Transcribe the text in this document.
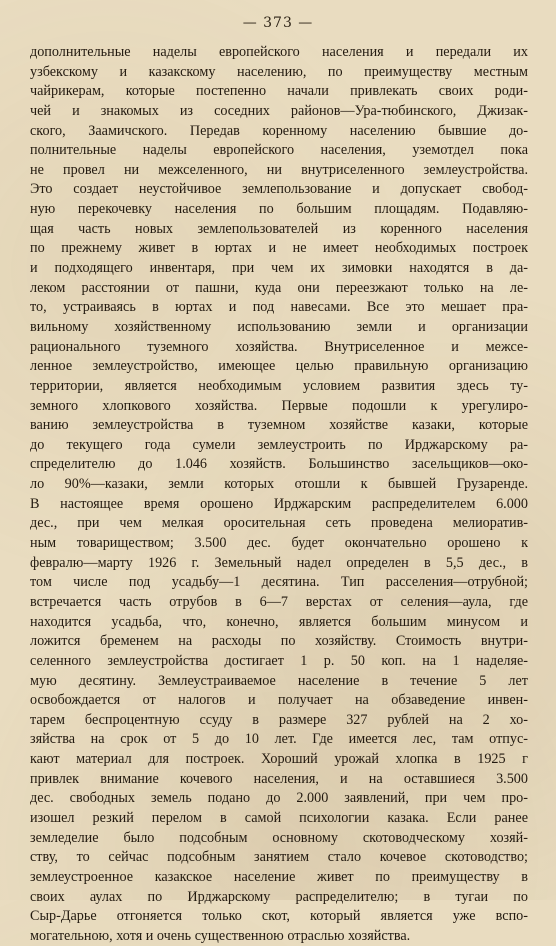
— 373 —
дополнительные наделы европейского населения и передали их
узбекскому и казакскому населению, по преимуществу местным
чайрикерам, которые постепенно начали привлекать своих роди-
чей и знакомых из соседних районов—Ура-тюбинского, Джизак-
ского, Заамичского. Передав коренному населению бывшие до-
полнительные наделы европейского населения, уземотдел пока
не провел ни межселенного, ни внутриселенного землеустройства.
Это создает неустойчивое землепользование и допускает свобод-
ную перекочевку населения по большим площадям. Подавляю-
щая часть новых землепользователей из коренного населения
по прежнему живет в юртах и не имеет необходимых построек
и подходящего инвентаря, при чем их зимовки находятся в да-
леком расстоянии от пашни, куда они переезжают только на ле-
то, устраиваясь в юртах и под навесами. Все это мешает пра-
вильному хозяйственному использованию земли и организации
рационального туземного хозяйства. Внутриселенное и межсе-
ленное землеустройство, имеющее целью правильную организацию
территории, является необходимым условием развития здесь ту-
земного хлопкового хозяйства. Первые подошли к урегулиро-
ванию землеустройства в туземном хозяйстве казаки, которые
до текущего года сумели землеустроить по Ирджарскому ра-
спределителю до 1.046 хозяйств. Большинство засельщиков—око-
ло 90%—казаки, земли которых отошли к бывшей Грузаренде.
В настоящее время орошено Ирджарским распределителем 6.000
дес., при чем мелкая оросительная сеть проведена мелиоратив-
ным товариществом; 3.500 дес. будет окончательно орошено к
февралю—марту 1926 г. Земельный надел определен в 5,5 дес., в
том числе под усадьбу—1 десятина. Тип расселения—отрубной;
встречается часть отрубов в 6—7 верстах от селения—аула, где
находится усадьба, что, конечно, является большим минусом и
ложится бременем на расходы по хозяйству. Стоимость внутри-
селенного землеустройства достигает 1 р. 50 коп. на 1 наделяе-
мую десятину. Землеустраиваемое население в течение 5 лет
освобождается от налогов и получает на обзаведение инвен-
тарем беспроцентную ссуду в размере 327 рублей на 2 хо-
зяйства на срок от 5 до 10 лет. Где имеется лес, там отпус-
кают материал для построек. Хороший урожай хлопка в 1925 г
привлек внимание кочевого населения, и на оставшиеся 3.500
дес. свободных земель подано до 2.000 заявлений, при чем про-
изошел резкий перелом в самой психологии казака. Если ранее
земледелие было подсобным основному скотоводческому хозяй-
ству, то сейчас подсобным занятием стало кочевое скотоводство;
землеустроенное казакское население живет по преимуществу в
своих аулах по Ирджарскому распределителю; в тугаи по
Сыр-Дарье отгоняется только скот, который является уже вспо-
могательною, хотя и очень существенною отраслью хозяйства.
